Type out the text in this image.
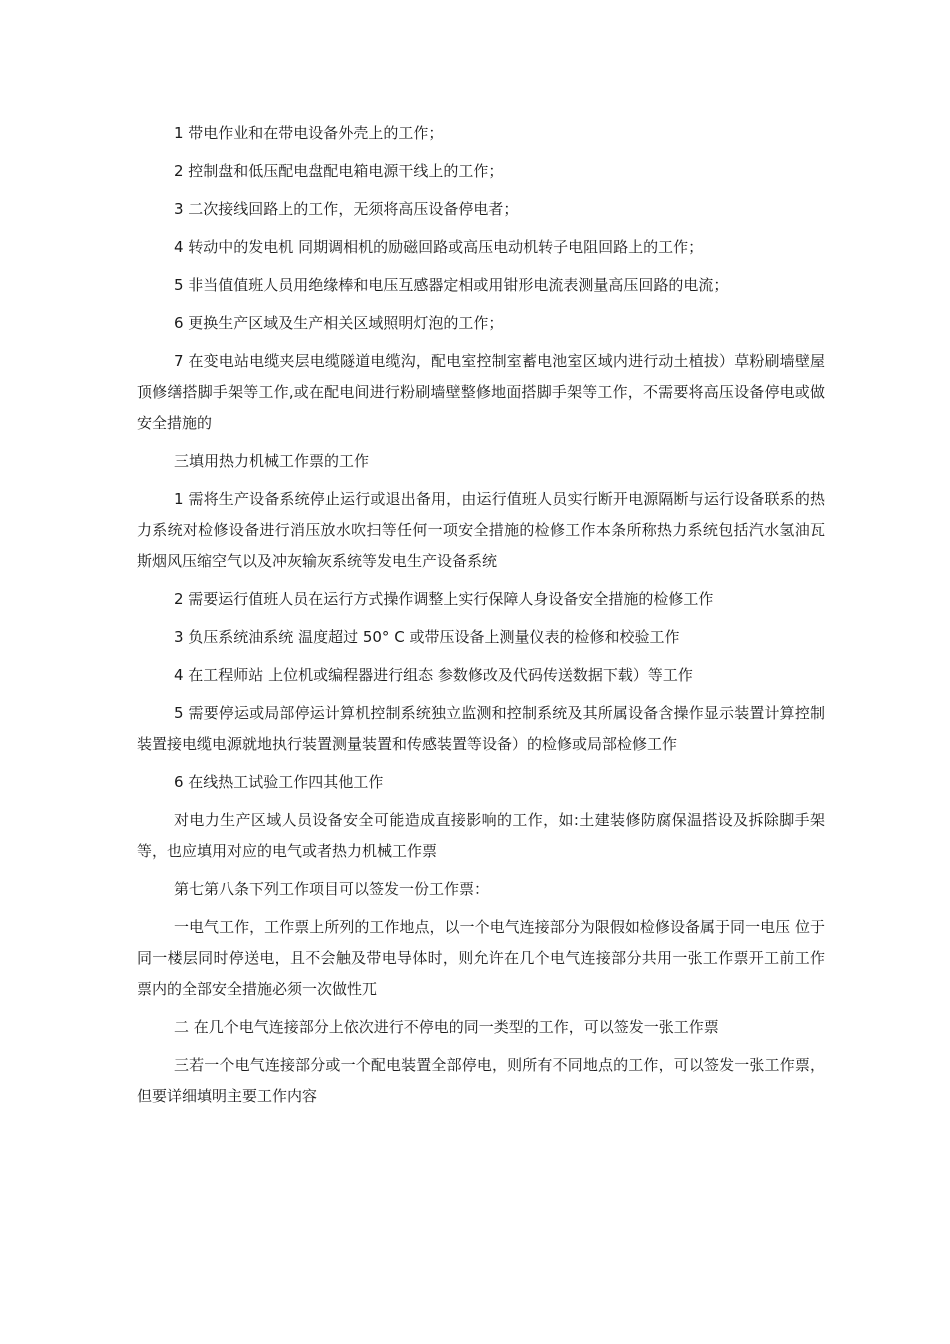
1 带电作业和在带电设备外壳上的工作；

2 控制盘和低压配电盘配电箱电源干线上的工作；

3 二次接线回路上的工作，无须将高压设备停电者；

4 转动中的发电机 同期调相机的励磁回路或高压电动机转子电阻回路上的工作；

5 非当值值班人员用绝缘棒和电压互感器定相或用钳形电流表测量高压回路的电流；

6 更换生产区域及生产相关区域照明灯泡的工作；

7 在变电站电缆夹层电缆隧道电缆沟，配电室控制室蓄电池室区域内进行动土植拔）草粉刷墙壁屋顶修缮搭脚手架等工作,或在配电间进行粉刷墙壁整修地面搭脚手架等工作，不需要将高压设备停电或做安全措施的

三填用热力机械工作票的工作

1 需将生产设备系统停止运行或退出备用，由运行值班人员实行断开电源隔断与运行设备联系的热力系统对检修设备进行消压放水吹扫等任何一项安全措施的检修工作本条所称热力系统包括汽水氢油瓦斯烟风压缩空气以及冲灰输灰系统等发电生产设备系统

2 需要运行值班人员在运行方式操作调整上实行保障人身设备安全措施的检修工作

3 负压系统油系统 温度超过 50° C 或带压设备上测量仪表的检修和校验工作

4 在工程师站 上位机或编程器进行组态 参数修改及代码传送数据下载）等工作

5 需要停运或局部停运计算机控制系统独立监测和控制系统及其所属设备含操作显示装置计算控制装置接电缆电源就地执行装置测量装置和传感装置等设备）的检修或局部检修工作

6 在线热工试验工作四其他工作

对电力生产区域人员设备安全可能造成直接影响的工作，如:土建装修防腐保温搭设及拆除脚手架等，也应填用对应的电气或者热力机械工作票

第七第八条下列工作项目可以签发一份工作票：

一电气工作，工作票上所列的工作地点，以一个电气连接部分为限假如检修设备属于同一电压 位于同一楼层同时停送电，且不会触及带电导体时，则允许在几个电气连接部分共用一张工作票开工前工作票内的全部安全措施必须一次做性兀

二 在几个电气连接部分上依次进行不停电的同一类型的工作，可以签发一张工作票

三若一个电气连接部分或一个配电装置全部停电，则所有不同地点的工作，可以签发一张工作票，但要详细填明主要工作内容
